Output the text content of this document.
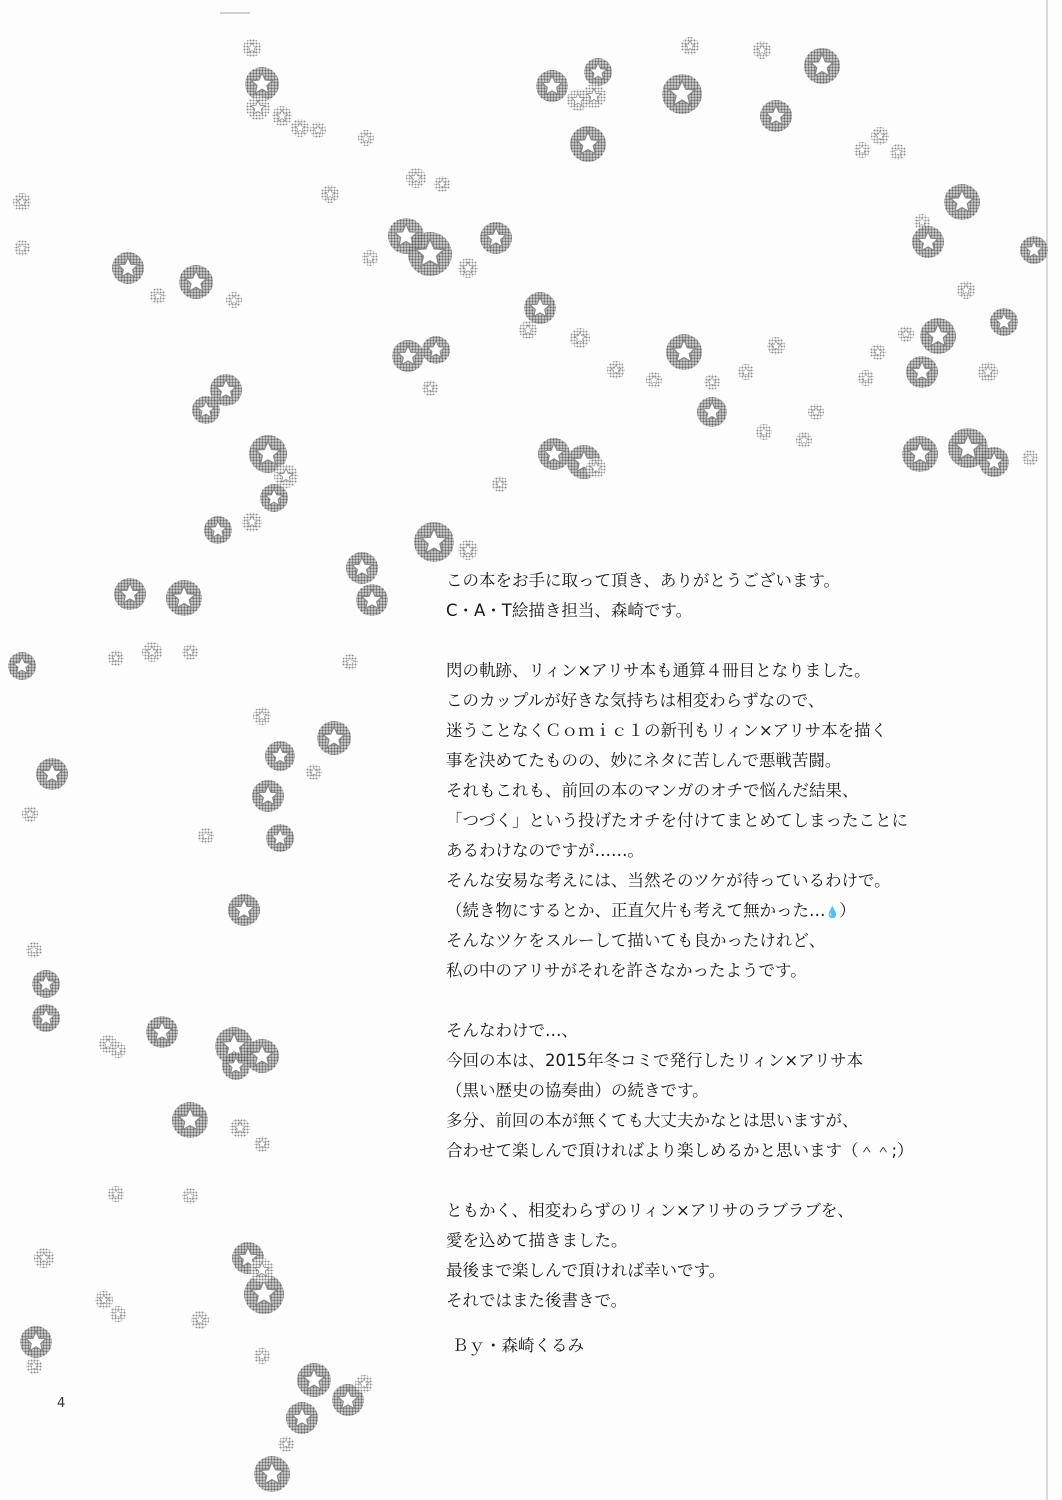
この本をお手に取って頂き、ありがとうございます。
C・A・T絵描き担当、森崎です。
閃の軌跡、リィン×アリサ本も通算４冊目となりました。
このカップルが好きな気持ちは相変わらずなので、
迷うことなくＣｏｍｉｃ１の新刊もリィン×アリサ本を描く
事を決めてたものの、妙にネタに苦しんで悪戦苦闘。
それもこれも、前回の本のマンガのオチで悩んだ結果、
「つづく」という投げたオチを付けてまとめてしまったことに
あるわけなのですが……。
そんな安易な考えには、当然そのツケが待っているわけで。
（続き物にするとか、正直欠片も考えて無かった…💧）
そんなツケをスルーして描いても良かったけれど、
私の中のアリサがそれを許さなかったようです。
そんなわけで…、
今回の本は、2015年冬コミで発行したリィン×アリサ本
（黒い歴史の協奏曲）の続きです。
多分、前回の本が無くても大丈夫かなとは思いますが、
合わせて楽しんで頂ければより楽しめるかと思います（＾＾;）
ともかく、相変わらずのリィン×アリサのラブラブを、
愛を込めて描きました。
最後まで楽しんで頂ければ幸いです。
それではまた後書きで。
Ｂｙ・森崎くるみ
4
